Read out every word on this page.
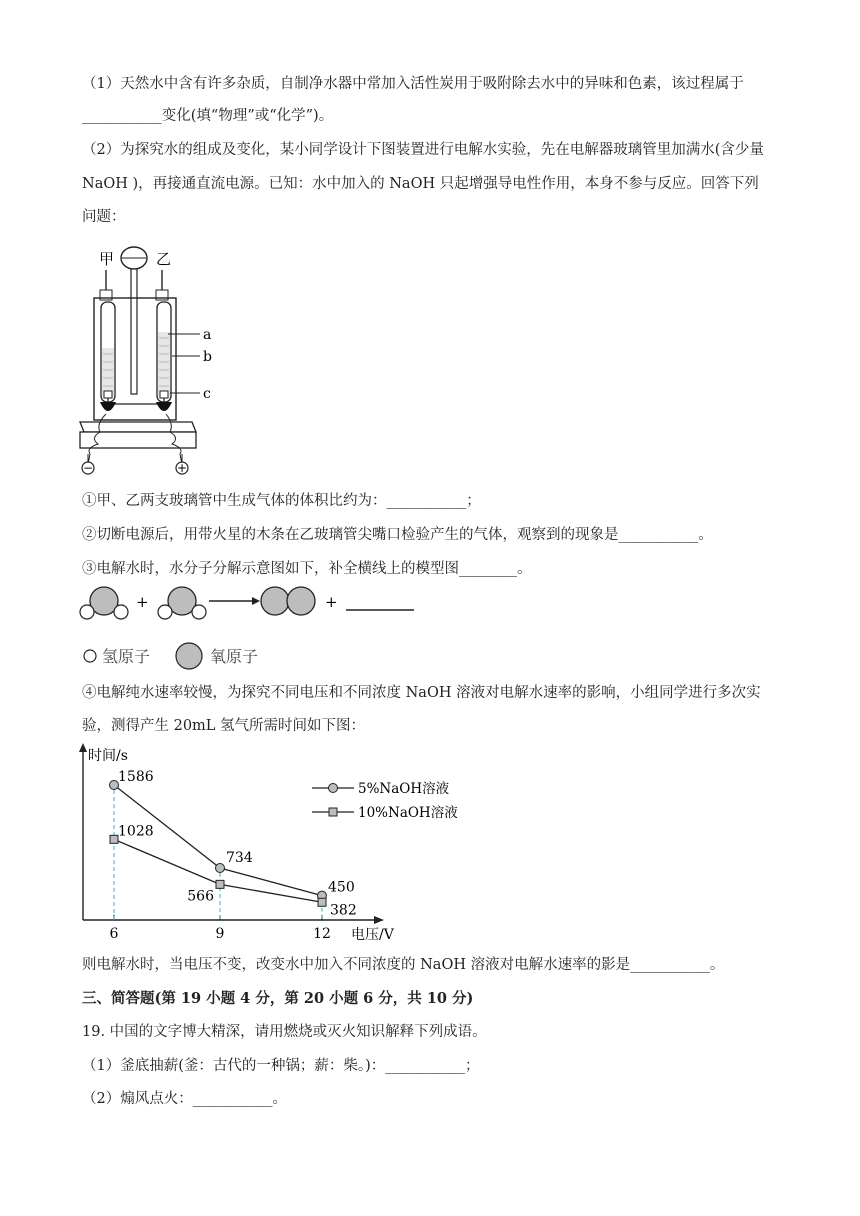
（1）天然水中含有许多杂质，自制净水器中常加入活性炭用于吸附除去水中的异味和色素，该过程属于
___________变化(填“物理”或“化学”)。
（2）为探究水的组成及变化，某小同学设计下图装置进行电解水实验，先在电解器玻璃管里加满水(含少量
NaOH )，再接通直流电源。已知：水中加入的 NaOH 只起增强导电性作用，本身不参与反应。回答下列
问题：
甲	乙
a
b
c
−	+
①甲、乙两支玻璃管中生成气体的体积比约为：___________；
②切断电源后，用带火星的木条在乙玻璃管尖嘴口检验产生的气体，观察到的现象是___________。
③电解水时，水分子分解示意图如下，补全横线上的模型图________。
+	+
氢原子	氧原子
④电解纯水速率较慢，为探究不同电压和不同浓度 NaOH 溶液对电解水速率的影响，小组同学进行多次实
验，测得产生 20mL 氢气所需时间如下图：
时间/s
电压/V
6	9	12
1586
734
450
1028
566
382
5%NaOH溶液
10%NaOH溶液
则电解水时，当电压不变，改变水中加入不同浓度的 NaOH 溶液对电解水速率的影是___________。
三、简答题(第 19 小题 4 分，第 20 小题 6 分，共 10 分)
19. 中国的文字博大精深，请用燃烧或灭火知识解释下列成语。
（1）釜底抽薪(釜：古代的一种锅；薪：柴。)：___________；
（2）煽风点火：___________。
